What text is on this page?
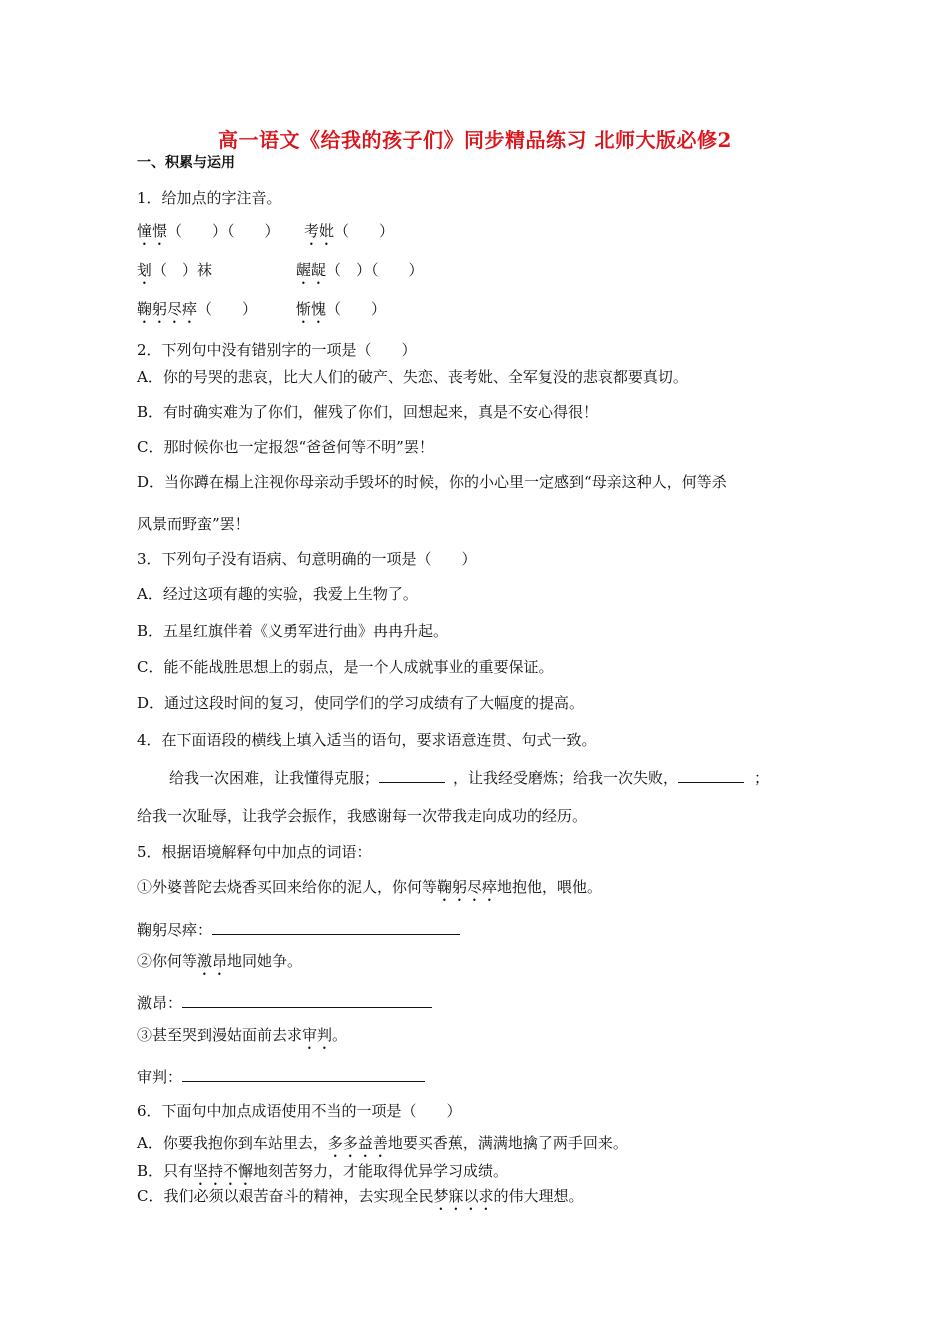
高一语文《给我的孩子们》同步精品练习 北师大版必修2
一、积累与运用
1．给加点的字注音。
憧憬（　　）（　　） 考妣（　　）
刬（　）袜	龌龊（　）（　　）
鞠躬尽瘁（　　）	惭愧（　　）
2．下列句中没有错别字的一项是（　　）
A．你的号哭的悲哀，比大人们的破产、失恋、丧考妣、全军复没的悲哀都要真切。
B．有时确实难为了你们，催残了你们，回想起来，真是不安心得很！
C．那时候你也一定报怨“爸爸何等不明”罢！
D．当你蹲在榻上注视你母亲动手毁坏的时候，你的小心里一定感到“母亲这种人，何等杀
风景而野蛮”罢！
3．下列句子没有语病、句意明确的一项是（　　）
A．经过这项有趣的实验，我爱上生物了。
B．五星红旗伴着《义勇军进行曲》冉冉升起。
C．能不能战胜思想上的弱点，是一个人成就事业的重要保证。
D．通过这段时间的复习，使同学们的学习成绩有了大幅度的提高。
4．在下面语段的横线上填入适当的语句，要求语意连贯、句式一致。
给我一次困难，让我懂得克服；	，让我经受磨炼；给我一次失败，	；
给我一次耻辱，让我学会振作，我感谢每一次带我走向成功的经历。
5．根据语境解释句中加点的词语：
①外婆普陀去烧香买回来给你的泥人，你何等鞠躬尽瘁地抱他，喂他。
鞠躬尽瘁：
②你何等激昂地同她争。
激昂：
③甚至哭到漫姑面前去求审判。
审判：
6．下面句中加点成语使用不当的一项是（　　）
A．你要我抱你到车站里去，多多益善地要买香蕉，满满地擒了两手回来。
B．只有坚持不懈地刻苦努力，才能取得优异学习成绩。
C．我们必须以艰苦奋斗的精神，去实现全民梦寐以求的伟大理想。
